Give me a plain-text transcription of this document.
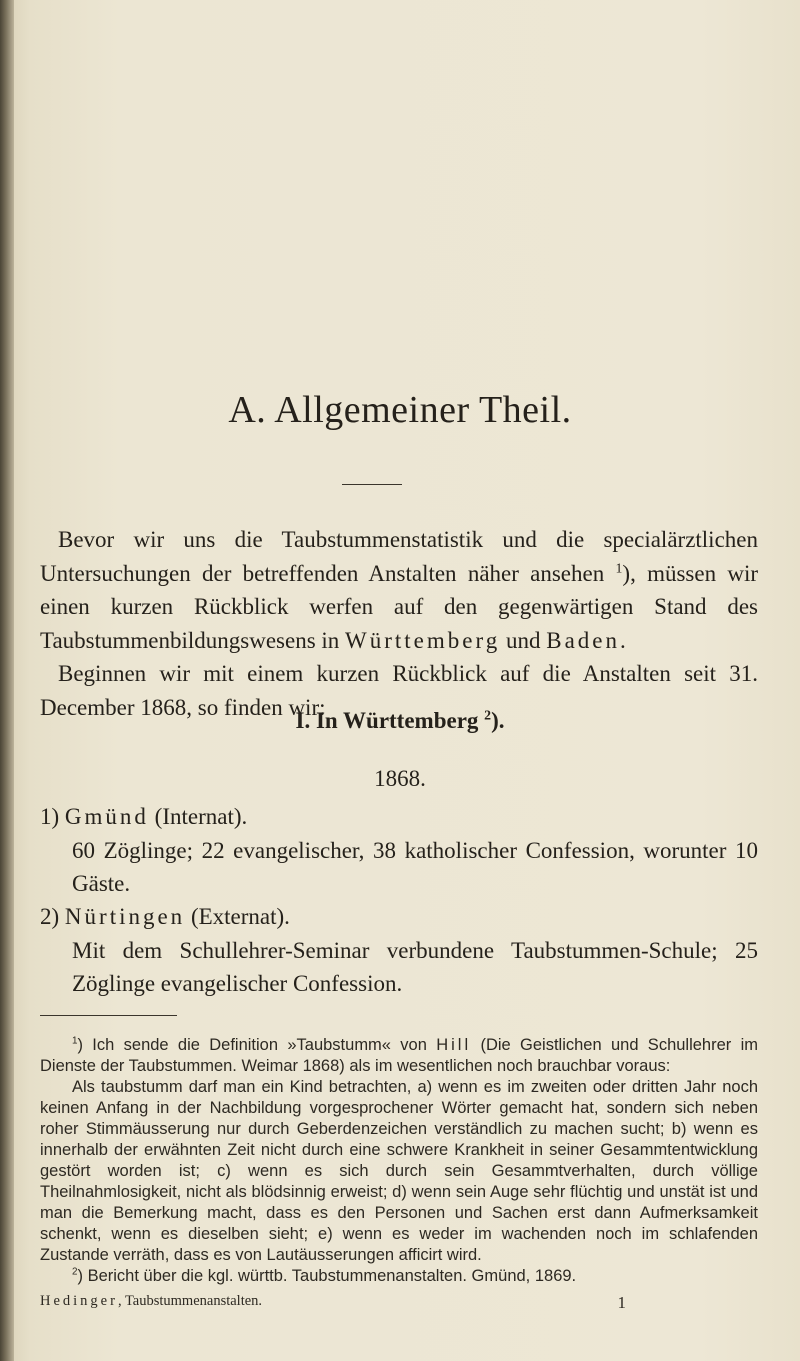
A. Allgemeiner Theil.
Bevor wir uns die Taubstummenstatistik und die specialärztlichen Untersuchungen der betreffenden Anstalten näher ansehen $^1$), müssen wir einen kurzen Rückblick werfen auf den gegenwärtigen Stand des Taubstummenbildungswesens in Württemberg und Baden.
Beginnen wir mit einem kurzen Rückblick auf die Anstalten seit 31. December 1868, so finden wir:
I. In Württemberg $^2$).
1868.
1) Gmünd (Internat).
60 Zöglinge; 22 evangelischer, 38 katholischer Confession, worunter 10 Gäste.
2) Nürtingen (Externat).
Mit dem Schullehrer-Seminar verbundene Taubstummen-Schule; 25 Zöglinge evangelischer Confession.

$^1$) Ich sende die Definition »Taubstumm« von Hill (Die Geistlichen und Schullehrer im Dienste der Taubstummen. Weimar 1868) als im wesentlichen noch brauchbar voraus:

Als taubstumm darf man ein Kind betrachten, a) wenn es im zweiten oder dritten Jahr noch keinen Anfang in der Nachbildung vorgesprochener Wörter gemacht hat, sondern sich neben roher Stimmäusserung nur durch Geberdenzeichen verständlich zu machen sucht; b) wenn es innerhalb der erwähnten Zeit nicht durch eine schwere Krankheit in seiner Gesammtentwicklung gestört worden ist; c) wenn es sich durch sein Gesammtverhalten, durch völlige Theilnahmlosigkeit, nicht als blödsinnig erweist; d) wenn sein Auge sehr flüchtig und unstät ist und man die Bemerkung macht, dass es den Personen und Sachen erst dann Aufmerksamkeit schenkt, wenn es dieselben sieht; e) wenn es weder im wachenden noch im schlafenden Zustande verräth, dass es von Lautäusserungen afficirt wird.

$^2$) Bericht über die kgl. württb. Taubstummenanstalten. Gmünd, 1869.

Hedinger, Taubstummenanstalten.	1
